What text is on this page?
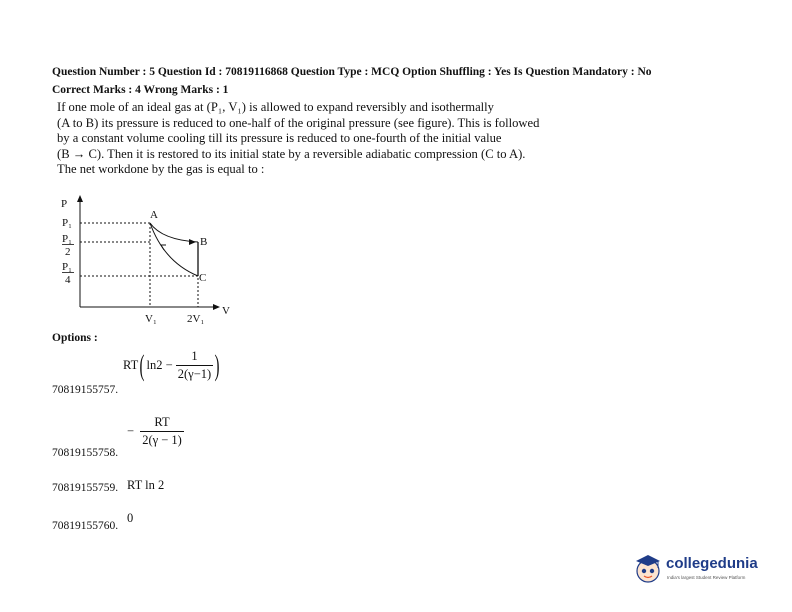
Question Number : 5 Question Id : 70819116868 Question Type : MCQ Option Shuffling : Yes Is Question Mandatory : No
Correct Marks : 4 Wrong Marks : 1
If one mole of an ideal gas at (P₁, V₁) is allowed to expand reversibly and isothermally
(A to B) its pressure is reduced to one-half of the original pressure (see figure). This is followed
by a constant volume cooling till its pressure is reduced to one-fourth of the initial value
(B → C). Then it is restored to its initial state by a reversible adiabatic compression (C to A).
The net workdone by the gas is equal to :
P
P₁
P₁
2
P₁
4
A
B
C
V₁	2V₁
V
Options :
70819155757.
RT ( $\ln 2 - \frac{1}{2(\gamma-1)}$ )
70819155758.
− $\frac{RT}{2(\gamma - 1)}$
70819155759. RT ln 2
70819155760.
0
collegedunia
India's largest Student Review Platform
